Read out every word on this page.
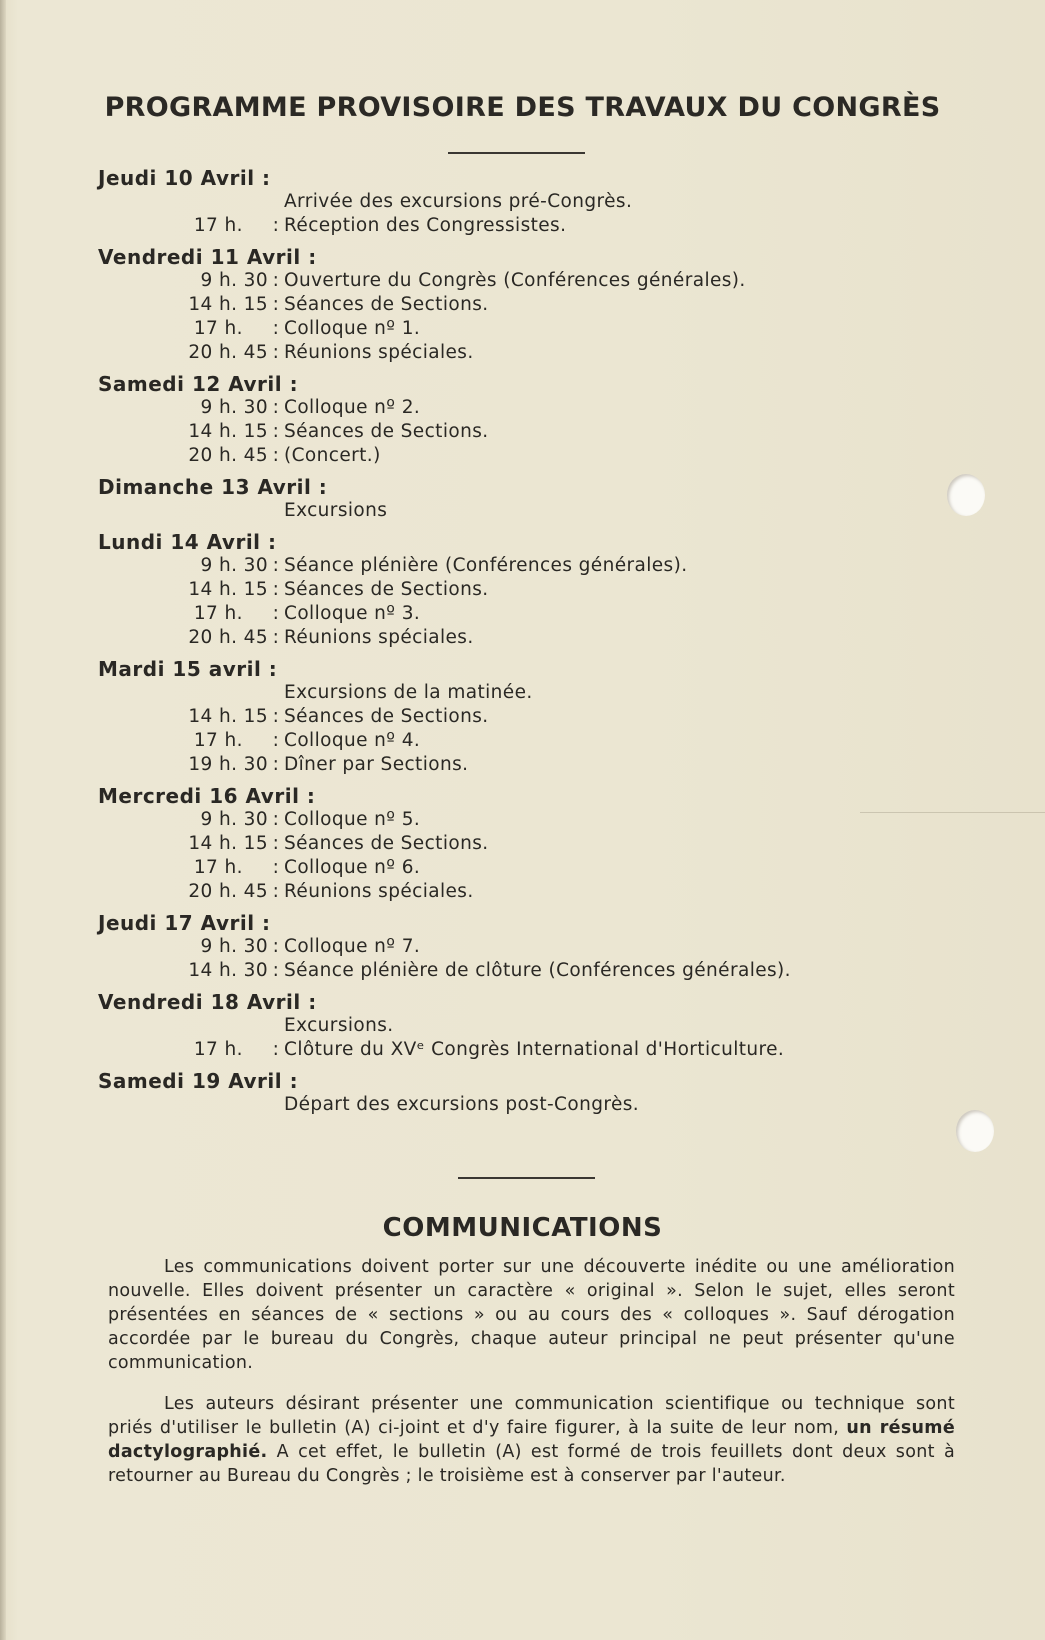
PROGRAMME PROVISOIRE DES TRAVAUX DU CONGRÈS
Jeudi 10 Avril :
Arrivée des excursions pré-Congrès.
17 h. : Réception des Congressistes.
Vendredi 11 Avril :
9 h. 30 : Ouverture du Congrès (Conférences générales).
14 h. 15 : Séances de Sections.
17 h. : Colloque nº 1.
20 h. 45 : Réunions spéciales.
Samedi 12 Avril :
9 h. 30 : Colloque nº 2.
14 h. 15 : Séances de Sections.
20 h. 45 : (Concert.)
Dimanche 13 Avril :
Excursions
Lundi 14 Avril :
9 h. 30 : Séance plénière (Conférences générales).
14 h. 15 : Séances de Sections.
17 h. : Colloque nº 3.
20 h. 45 : Réunions spéciales.
Mardi 15 avril :
Excursions de la matinée.
14 h. 15 : Séances de Sections.
17 h. : Colloque nº 4.
19 h. 30 : Dîner par Sections.
Mercredi 16 Avril :
9 h. 30 : Colloque nº 5.
14 h. 15 : Séances de Sections.
17 h. : Colloque nº 6.
20 h. 45 : Réunions spéciales.
Jeudi 17 Avril :
9 h. 30 : Colloque nº 7.
14 h. 30 : Séance plénière de clôture (Conférences générales).
Vendredi 18 Avril :
Excursions.
17 h. : Clôture du XVᵉ Congrès International d'Horticulture.
Samedi 19 Avril :
Départ des excursions post-Congrès.
COMMUNICATIONS

Les communications doivent porter sur une découverte inédite ou une amélioration nouvelle. Elles doivent présenter un caractère « original ». Selon le sujet, elles seront présentées en séances de « sections » ou au cours des « colloques ». Sauf dérogation accordée par le bureau du Congrès, chaque auteur principal ne peut présenter qu'une communication.

Les auteurs désirant présenter une communication scientifique ou technique sont priés d'utiliser le bulletin (A) ci-joint et d'y faire figurer, à la suite de leur nom, un résumé dactylographié. A cet effet, le bulletin (A) est formé de trois feuillets dont deux sont à retourner au Bureau du Congrès ; le troisième est à conserver par l'auteur.
